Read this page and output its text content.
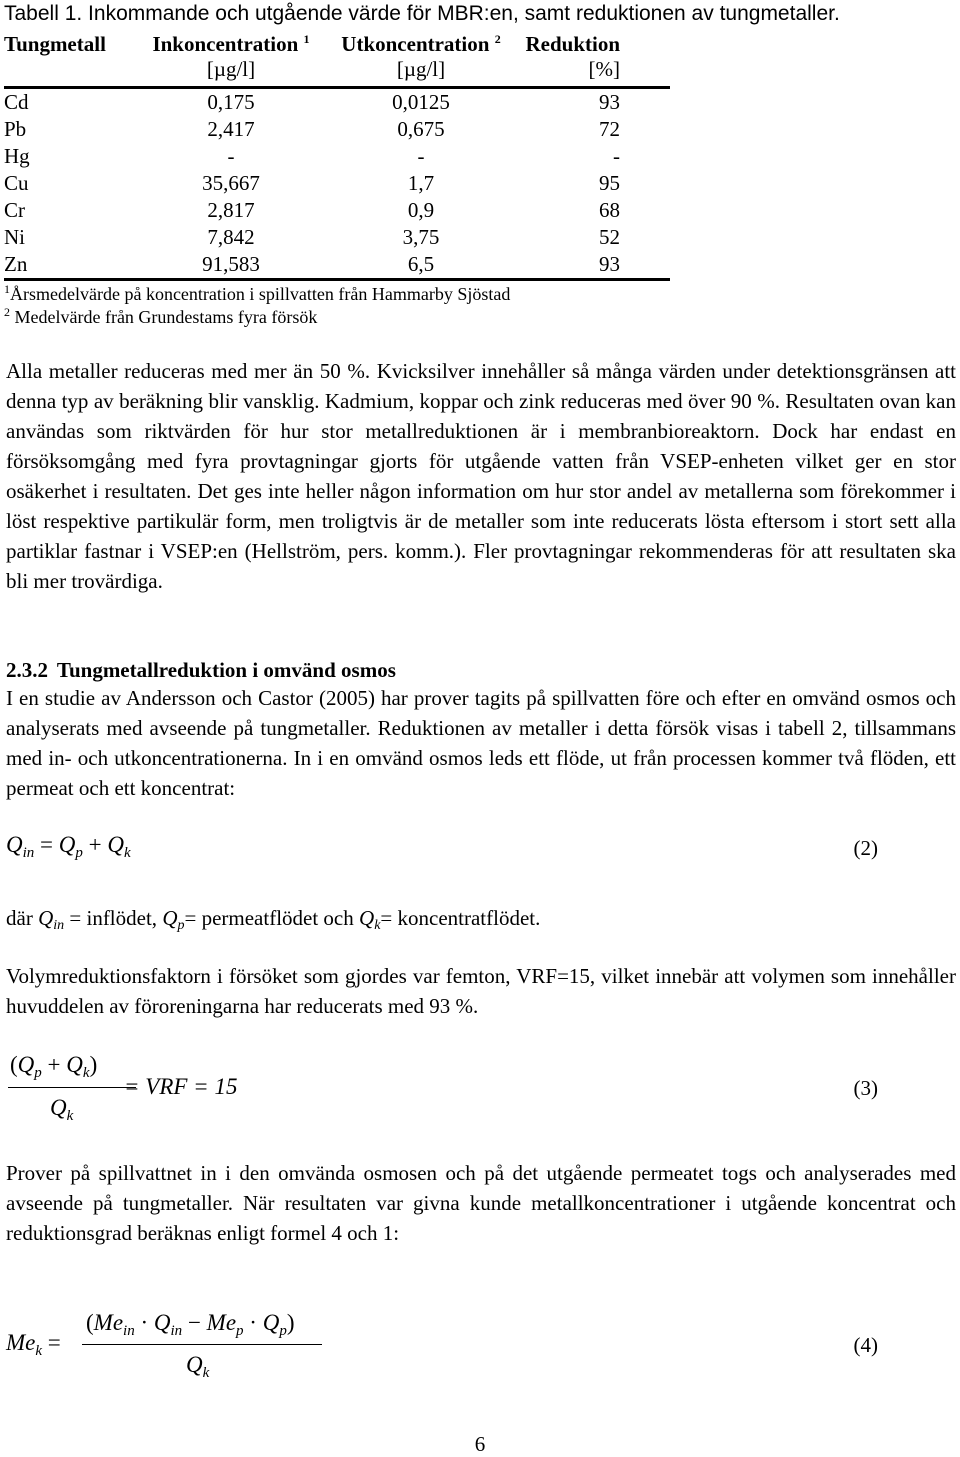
Tabell 1. Inkommande och utgående värde för MBR:en, samt reduktionen av tungmetaller.
Tungmetall	Inkoncentration $^1$	Utkoncentration $^2$	Reduktion
	[µg/l]	[µg/l]	[%]
Cd	0,175	0,0125	93
Pb	2,417	0,675	72
Hg	-	-	-
Cu	35,667	1,7	95
Cr	2,817	0,9	68
Ni	7,842	3,75	52
Zn	91,583	6,5	93
$^1$Årsmedelvärde på koncentration i spillvatten från Hammarby Sjöstad
$^2$ Medelvärde från Grundestams fyra försök

Alla metaller reduceras med mer än 50 %. Kvicksilver innehåller så många värden under detektionsgränsen att denna typ av beräkning blir vansklig. Kadmium, koppar och zink reduceras med över 90 %. Resultaten ovan kan användas som riktvärden för hur stor metallreduktionen är i membranbioreaktorn. Dock har endast en försöksomgång med fyra provtagningar gjorts för utgående vatten från VSEP-enheten vilket ger en stor osäkerhet i resultaten. Det ges inte heller någon information om hur stor andel av metallerna som förekommer i löst respektive partikulär form, men troligtvis är de metaller som inte reducerats lösta eftersom i stort sett alla partiklar fastnar i VSEP:en (Hellström, pers. komm.). Fler provtagningar rekommenderas för att resultaten ska bli mer trovärdiga.

2.3.2 Tungmetallreduktion i omvänd osmos

I en studie av Andersson och Castor (2005) har prover tagits på spillvatten före och efter en omvänd osmos och analyserats med avseende på tungmetaller. Reduktionen av metaller i detta försök visas i tabell 2, tillsammans med in- och utkoncentrationerna. In i en omvänd osmos leds ett flöde, ut från processen kommer två flöden, ett permeat och ett koncentrat:

$Q_{in} = Q_p + Q_k$	(2)
där $Q_{in}$ = inflödet, $Q_p=$ permeatflödet och $Q_k=$ koncentratflödet.

Volymreduktionsfaktorn i försöket som gjordes var femton, VRF=15, vilket innebär att volymen som innehåller huvuddelen av föroreningarna har reducerats med 93 %.

$(Q_p + Q_k)$
$Q_k$
= VRF = 15	(3)

Prover på spillvattnet in i den omvända osmosen och på det utgående permeatet togs och analyserades med avseende på tungmetaller. När resultaten var givna kunde metallkoncentrationer i utgående koncentrat och reduktionsgrad beräknas enligt formel 4 och 1:

$Me_k$ =
$(Me_{in} \cdot Q_{in} - Me_p \cdot Q_p)$
$Q_k$
(4)
6
